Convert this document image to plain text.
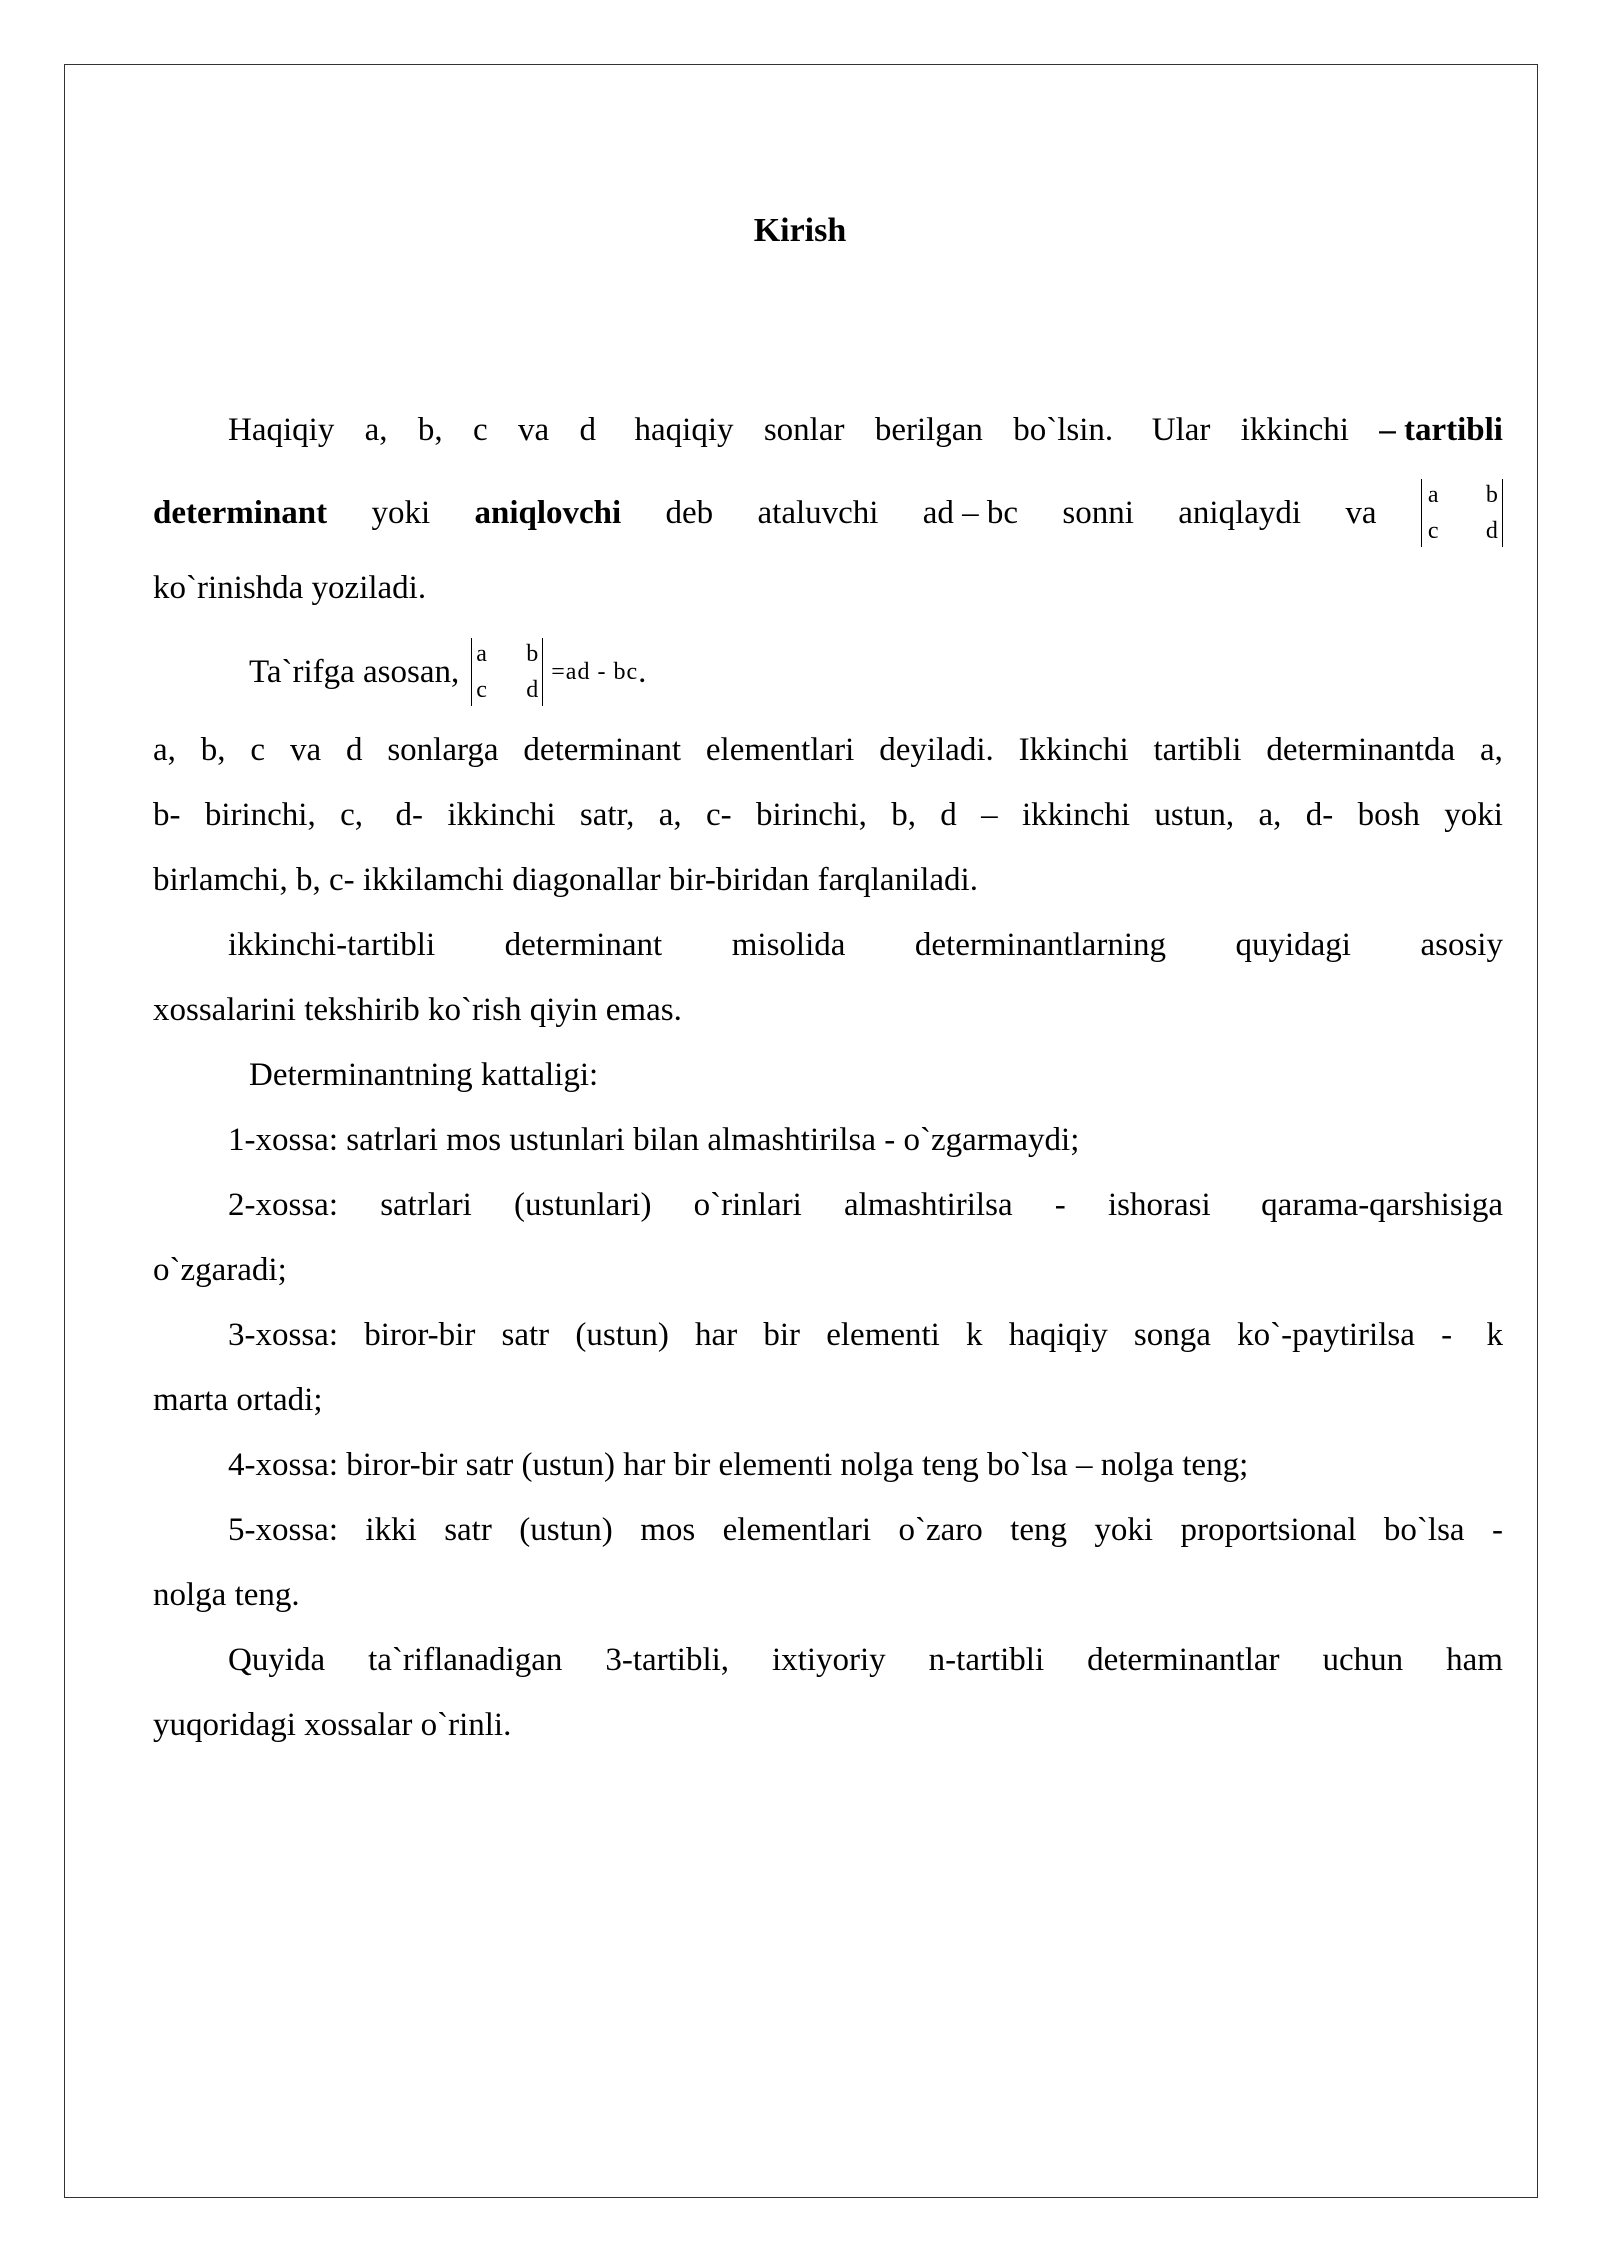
Kirish
Haqiqiy a, b, c va d haqiqiy sonlar berilgan bo`lsin. Ular ikkinchi – tartibli
determinant yoki aniqlovchi deb ataluvchi ad – bc sonni aniqlaydi va

a

b

c

d

ko`rinishda yoziladi.
Ta`rifga asosan, a b
c d
=ad - bc .
a, b, c va d sonlarga determinant elementlari deyiladi. Ikkinchi tartibli determinantda a,
b- birinchi, c, d- ikkinchi satr, a, c- birinchi, b, d – ikkinchi ustun, a, d- bosh yoki
birlamchi, b, c- ikkilamchi diagonallar bir-biridan farqlaniladi.
ikkinchi-tartibli determinant misolida determinantlarning quyidagi asosiy
xossalarini tekshirib ko`rish qiyin emas.
Determinantning kattaligi:
1-xossa: satrlari mos ustunlari bilan almashtirilsa - o`zgarmaydi;
2-xossa: satrlari (ustunlari) o`rinlari almashtirilsa - ishorasi qarama-qarshisiga
o`zgaradi;
3-xossa: biror-bir satr (ustun) har bir elementi k haqiqiy songa ko`-paytirilsa - k
marta ortadi;
4-xossa: biror-bir satr (ustun) har bir elementi nolga teng bo`lsa – nolga teng;
5-xossa: ikki satr (ustun) mos elementlari o`zaro teng yoki proportsional bo`lsa -
nolga teng.
Quyida ta`riflanadigan 3-tartibli, ixtiyoriy n-tartibli determinantlar uchun ham
yuqoridagi xossalar o`rinli.
